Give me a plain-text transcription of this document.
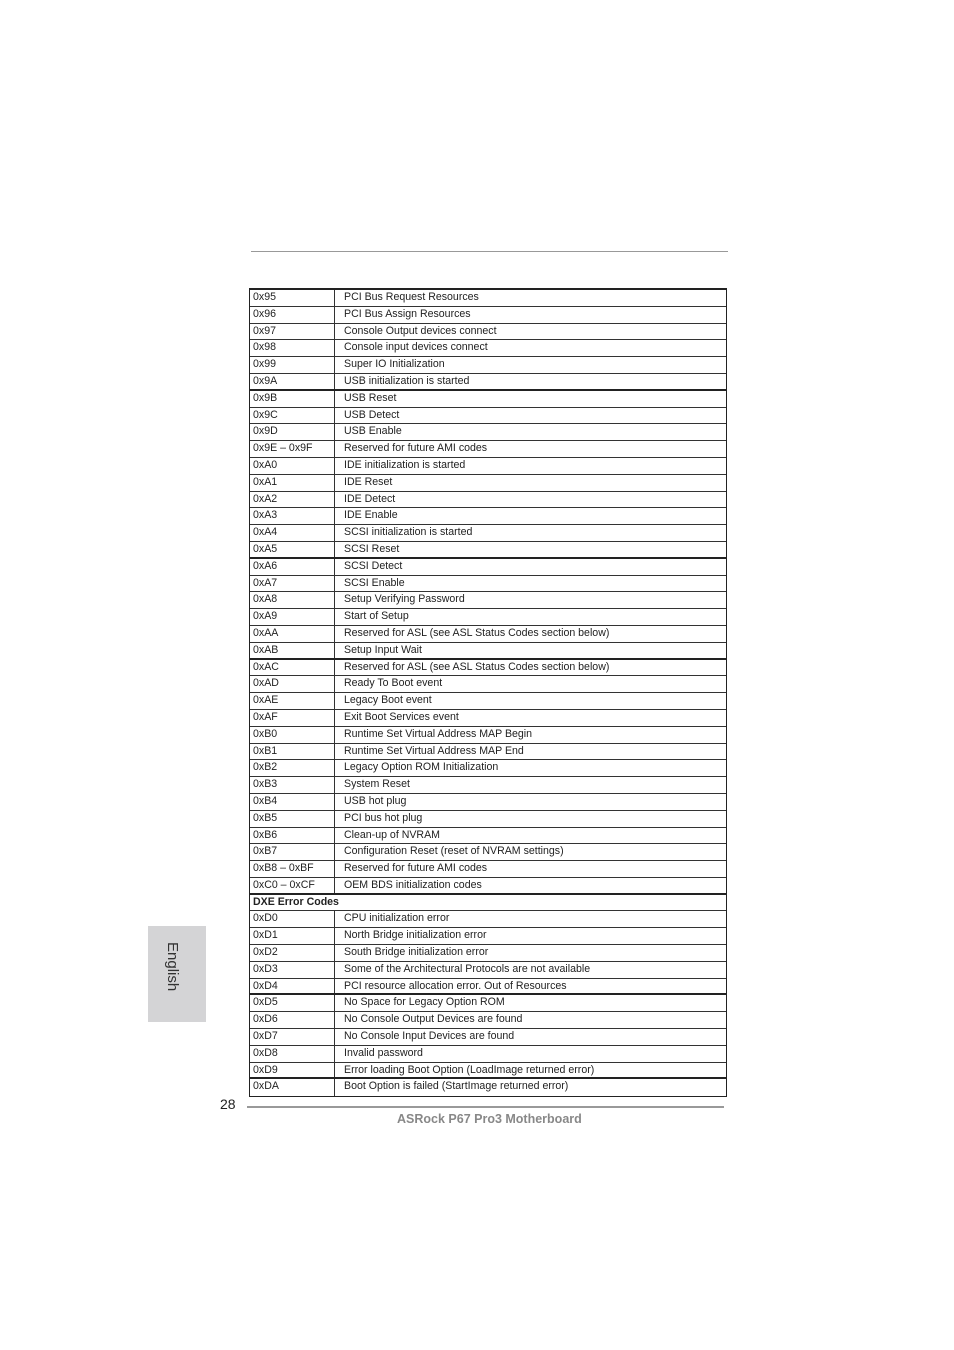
0x95	PCI Bus Request Resources
0x96	PCI Bus Assign Resources
0x97	Console Output devices connect
0x98	Console input devices connect
0x99	Super IO Initialization
0x9A	USB initialization is started
0x9B	USB Reset
0x9C	USB Detect
0x9D	USB Enable
0x9E – 0x9F	Reserved for future AMI codes
0xA0	IDE initialization is started
0xA1	IDE Reset
0xA2	IDE Detect
0xA3	IDE Enable
0xA4	SCSI initialization is started
0xA5	SCSI Reset
0xA6	SCSI Detect
0xA7	SCSI Enable
0xA8	Setup Verifying Password
0xA9	Start of Setup
0xAA	Reserved for ASL (see ASL Status Codes section below)
0xAB	Setup Input Wait
0xAC	Reserved for ASL (see ASL Status Codes section below)
0xAD	Ready To Boot event
0xAE	Legacy Boot event
0xAF	Exit Boot Services event
0xB0	Runtime Set Virtual Address MAP Begin
0xB1	Runtime Set Virtual Address MAP End
0xB2	Legacy Option ROM Initialization
0xB3	System Reset
0xB4	USB hot plug
0xB5	PCI bus hot plug
0xB6	Clean-up of NVRAM
0xB7	Configuration Reset (reset of NVRAM settings)
0xB8 – 0xBF	Reserved for future AMI codes
0xC0 – 0xCF	OEM BDS initialization codes
DXE Error Codes
0xD0	CPU initialization error
0xD1	North Bridge initialization error
0xD2	South Bridge initialization error
0xD3	Some of the Architectural Protocols are not available
0xD4	PCI resource allocation error. Out of Resources
0xD5	No Space for Legacy Option ROM
0xD6	No Console Output Devices are found
0xD7	No Console Input Devices are found
0xD8	Invalid password
0xD9	Error loading Boot Option (LoadImage returned error)
0xDA	Boot Option is failed (StartImage returned error)
English
28
ASRock P67 Pro3 Motherboard
